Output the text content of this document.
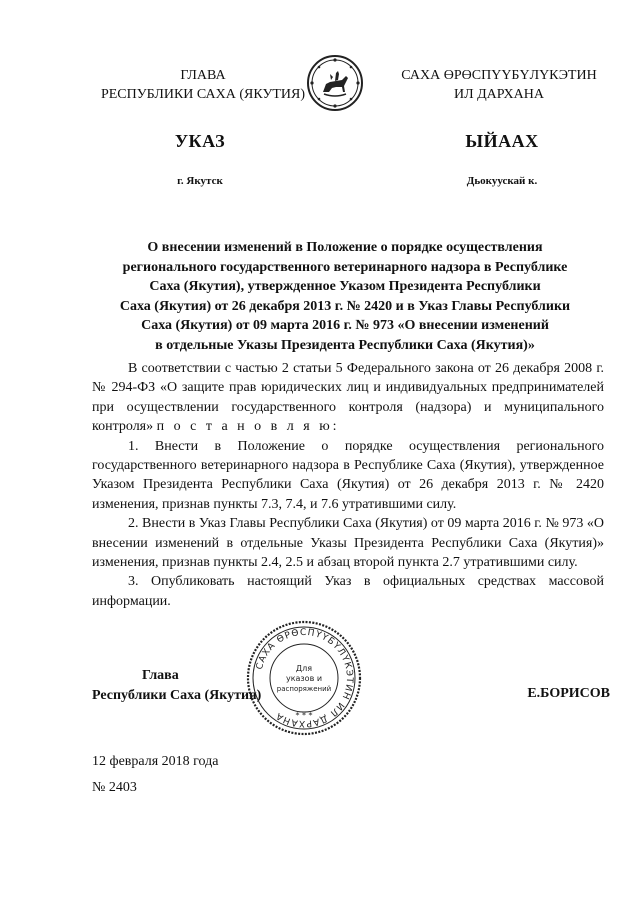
ГЛАВА
РЕСПУБЛИКИ САХА (ЯКУТИЯ)
САХА ӨРӨСПҮҮБҮЛҮКЭТИН
ИЛ ДАРХАНА
УКАЗ	ЫЙААХ
г. Якутск	Дьокуускай к.
О внесении изменений в Положение о порядке осуществления
регионального государственного ветеринарного надзора в Республике
Саха (Якутия), утвержденное Указом Президента Республики
Саха (Якутия) от 26 декабря 2013 г. № 2420 и в Указ Главы Республики
Саха (Якутия) от 09 марта 2016 г. № 973 «О внесении изменений
в отдельные Указы Президента Республики Саха (Якутия)»

В соответствии с частью 2 статьи 5 Федерального закона от 26 декабря 2008 г. № 294-ФЗ «О защите прав юридических лиц и индивидуальных предпринимателей при осуществлении государственного контроля (надзора) и муниципального контроля» п о с т а н о в л я ю:

1. Внести в Положение о порядке осуществления регионального государственного ветеринарного надзора в Республике Саха (Якутия), утвержденное Указом Президента Республики Саха (Якутия) от 26 декабря 2013 г. № 2420 изменения, признав пункты 7.3, 7.4, и 7.6 утратившими силу.

2. Внести в Указ Главы Республики Саха (Якутия) от 09 марта 2016 г. № 973 «О внесении изменений в отдельные Указы Президента Республики Саха (Якутия)» изменения, признав пункты 2.4, 2.5 и абзац второй пункта 2.7 утратившими силу.

3. Опубликовать настоящий Указ в официальных средствах массовой информации.

Глава
Республики Саха (Якутия)
САХА ӨРӨСПҮҮБҮЛҮКЭТИН ИЛ ДАРХАНА
Для
указов и
распоряжений
* * *
Е.БОРИСОВ
12 февраля 2018 года
№ 2403
